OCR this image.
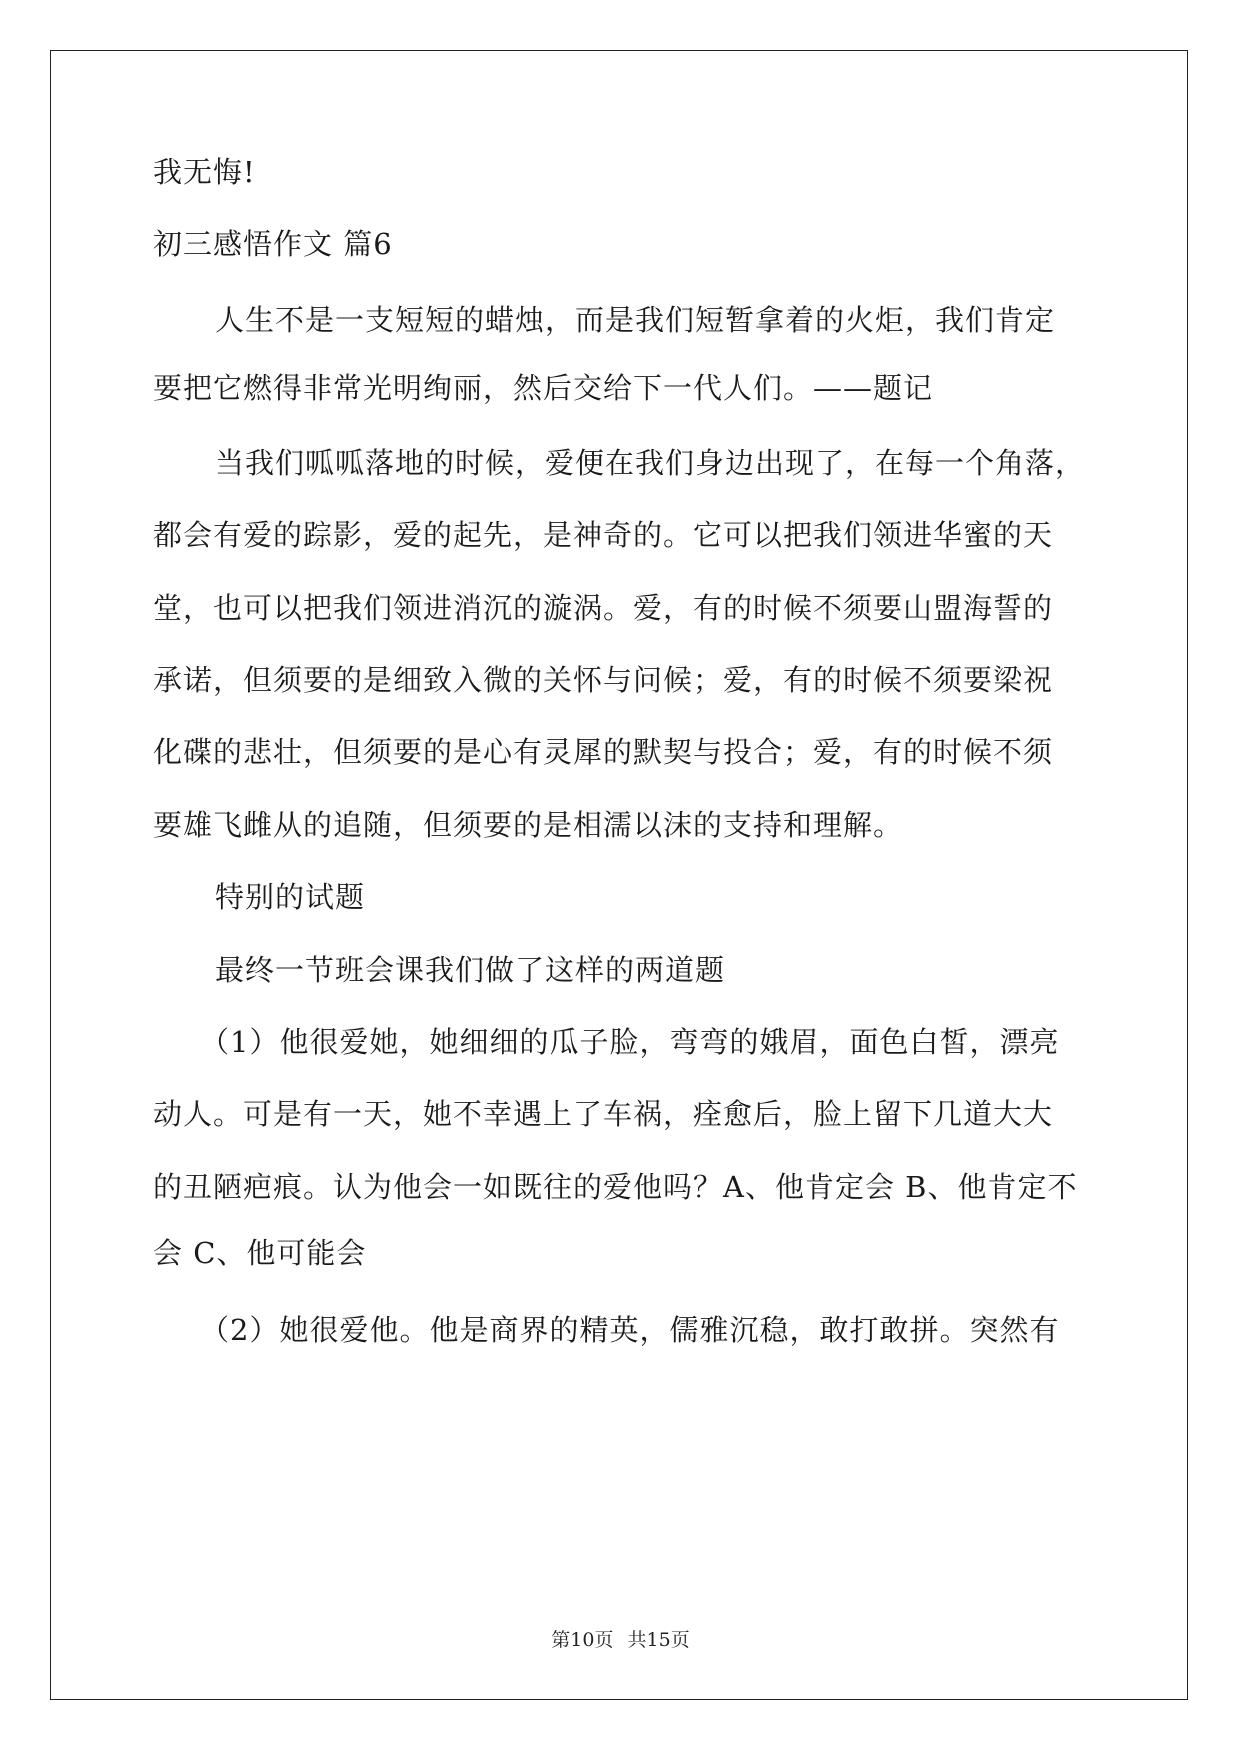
我无悔!
初三感悟作文 篇6
人生不是一支短短的蜡烛，而是我们短暂拿着的火炬，我们肯定
要把它燃得非常光明绚丽，然后交给下一代人们。——题记
当我们呱呱落地的时候，爱便在我们身边出现了，在每一个角落，
都会有爱的踪影，爱的起先，是神奇的。它可以把我们领进华蜜的天
堂，也可以把我们领进消沉的漩涡。爱，有的时候不须要山盟海誓的
承诺，但须要的是细致入微的关怀与问候；爱，有的时候不须要梁祝
化碟的悲壮，但须要的是心有灵犀的默契与投合；爱，有的时候不须
要雄飞雌从的追随，但须要的是相濡以沫的支持和理解。
特别的试题
最终一节班会课我们做了这样的两道题
（1）他很爱她，她细细的瓜子脸，弯弯的娥眉，面色白皙，漂亮
动人。可是有一天，她不幸遇上了车祸，痊愈后，脸上留下几道大大
的丑陋疤痕。认为他会一如既往的爱他吗？A、他肯定会 B、他肯定不
会 C、他可能会
（2）她很爱他。他是商界的精英，儒雅沉稳，敢打敢拼。突然有
第10页 共15页
